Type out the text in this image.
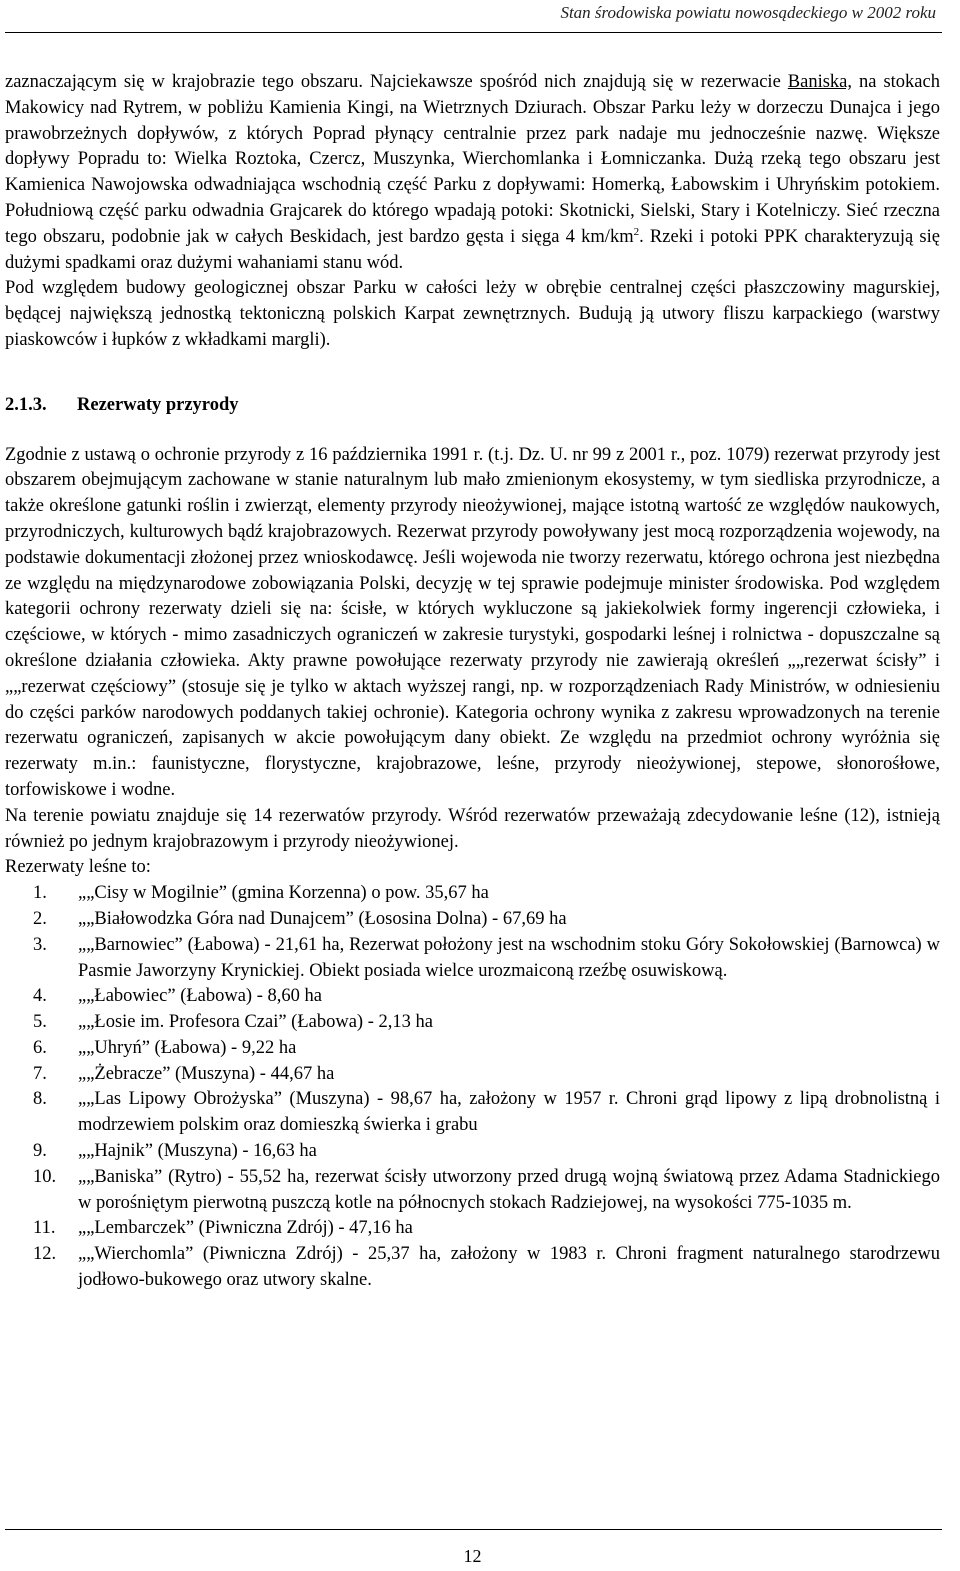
Stan środowiska powiatu nowosądeckiego w 2002 roku

zaznaczającym się w krajobrazie tego obszaru. Najciekawsze spośród nich znajdują się w rezerwacie Baniska, na stokach Makowicy nad Rytrem, w pobliżu Kamienia Kingi, na Wietrznych Dziurach. Obszar Parku leży w dorzeczu Dunajca i jego prawobrzeżnych dopływów, z których Poprad płynący centralnie przez park nadaje mu jednocześnie nazwę. Większe dopływy Popradu to: Wielka Roztoka, Czercz, Muszynka, Wierchomlanka i Łomniczanka. Dużą rzeką tego obszaru jest Kamienica Nawojowska odwadniająca wschodnią część Parku z dopływami: Homerką, Łabowskim i Uhryńskim potokiem. Południową część parku odwadnia Grajcarek do którego wpadają potoki: Skotnicki, Sielski, Stary i Kotelniczy. Sieć rzeczna tego obszaru, podobnie jak w całych Beskidach, jest bardzo gęsta i sięga 4 $km/km^2$. Rzeki i potoki PPK charakteryzują się dużymi spadkami oraz dużymi wahaniami stanu wód.

Pod względem budowy geologicznej obszar Parku w całości leży w obrębie centralnej części płaszczowiny magurskiej, będącej największą jednostką tektoniczną polskich Karpat zewnętrznych. Budują ją utwory fliszu karpackiego (warstwy piaskowców i łupków z wkładkami margli).

2.1.3.	Rezerwaty przyrody

Zgodnie z ustawą o ochronie przyrody z 16 października 1991 r. (t.j. Dz. U. nr 99 z 2001 r., poz. 1079) rezerwat przyrody jest obszarem obejmującym zachowane w stanie naturalnym lub mało zmienionym ekosystemy, w tym siedliska przyrodnicze, a także określone gatunki roślin i zwierząt, elementy przyrody nieożywionej, mające istotną wartość ze względów naukowych, przyrodniczych, kulturowych bądź krajobrazowych. Rezerwat przyrody powoływany jest mocą rozporządzenia wojewody, na podstawie dokumentacji złożonej przez wnioskodawcę. Jeśli wojewoda nie tworzy rezerwatu, którego ochrona jest niezbędna ze względu na międzynarodowe zobowiązania Polski, decyzję w tej sprawie podejmuje minister środowiska. Pod względem kategorii ochrony rezerwaty dzieli się na: ścisłe, w których wykluczone są jakiekolwiek formy ingerencji człowieka, i częściowe, w których - mimo zasadniczych ograniczeń w zakresie turystyki, gospodarki leśnej i rolnictwa - dopuszczalne są określone działania człowieka. Akty prawne powołujące rezerwaty przyrody nie zawierają określeń „„rezerwat ścisły” i „„rezerwat częściowy” (stosuje się je tylko w aktach wyższej rangi, np. w rozporządzeniach Rady Ministrów, w odniesieniu do części parków narodowych poddanych takiej ochronie). Kategoria ochrony wynika z zakresu wprowadzonych na terenie rezerwatu ograniczeń, zapisanych w akcie powołującym dany obiekt. Ze względu na przedmiot ochrony wyróżnia się rezerwaty m.in.: faunistyczne, florystyczne, krajobrazowe, leśne, przyrody nieożywionej, stepowe, słonorośłowe, torfowiskowe i wodne.

Na terenie powiatu znajduje się 14 rezerwatów przyrody. Wśród rezerwatów przeważają zdecydowanie leśne (12), istnieją również po jednym krajobrazowym i przyrody nieożywionej.

Rezerwaty leśne to:

1.	„„Cisy w Mogilnie” (gmina Korzenna) o pow. 35,67 ha
2.	„„Białowodzka Góra nad Dunajcem” (Łososina Dolna) - 67,69 ha
3.	„„Barnowiec” (Łabowa) - 21,61 ha, Rezerwat położony jest na wschodnim stoku Góry Sokołowskiej (Barnowca) w Pasmie Jaworzyny Krynickiej. Obiekt posiada wielce urozmaiconą rzeźbę osuwiskową.
4.	„„Łabowiec” (Łabowa) - 8,60 ha
5.	„„Łosie im. Profesora Czai” (Łabowa) - 2,13 ha
6.	„„Uhryń” (Łabowa) - 9,22 ha
7.	„„Żebracze” (Muszyna) - 44,67 ha
8.	„„Las Lipowy Obrożyska” (Muszyna) - 98,67 ha, założony w 1957 r. Chroni grąd lipowy z lipą drobnolistną i modrzewiem polskim oraz domieszką świerka i grabu
9.	„„Hajnik” (Muszyna) - 16,63 ha
10.	„„Baniska” (Rytro) - 55,52 ha, rezerwat ścisły utworzony przed drugą wojną światową przez Adama Stadnickiego w porośniętym pierwotną puszczą kotle na północnych stokach Radziejowej, na wysokości 775-1035 m.
11.	„„Lembarczek” (Piwniczna Zdrój) - 47,16 ha
12.	„„Wierchomla” (Piwniczna Zdrój) - 25,37 ha, założony w 1983 r. Chroni fragment naturalnego starodrzewu jodłowo-bukowego oraz utwory skalne.
12
